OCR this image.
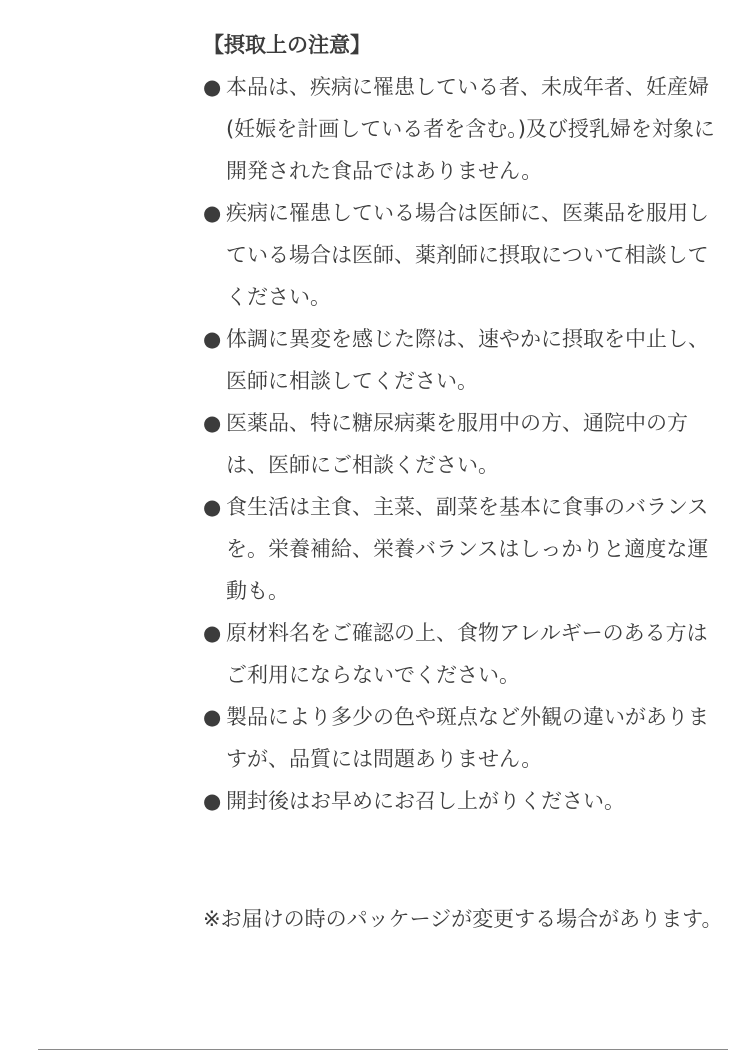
【摂取上の注意】
● 本品は、疾病に罹患している者、未成年者、妊産婦(妊娠を計画している者を含む。)及び授乳婦を対象に開発された食品ではありません。
● 疾病に罹患している場合は医師に、医薬品を服用している場合は医師、薬剤師に摂取について相談してください。
● 体調に異変を感じた際は、速やかに摂取を中止し、医師に相談してください。
● 医薬品、特に糖尿病薬を服用中の方、通院中の方は、医師にご相談ください。
● 食生活は主食、主菜、副菜を基本に食事のバランスを。栄養補給、栄養バランスはしっかりと適度な運動も。
● 原材料名をご確認の上、食物アレルギーのある方はご利用にならないでください。
● 製品により多少の色や斑点など外観の違いがありますが、品質には問題ありません。
● 開封後はお早めにお召し上がりください。

※お届けの時のパッケージが変更する場合があります。
